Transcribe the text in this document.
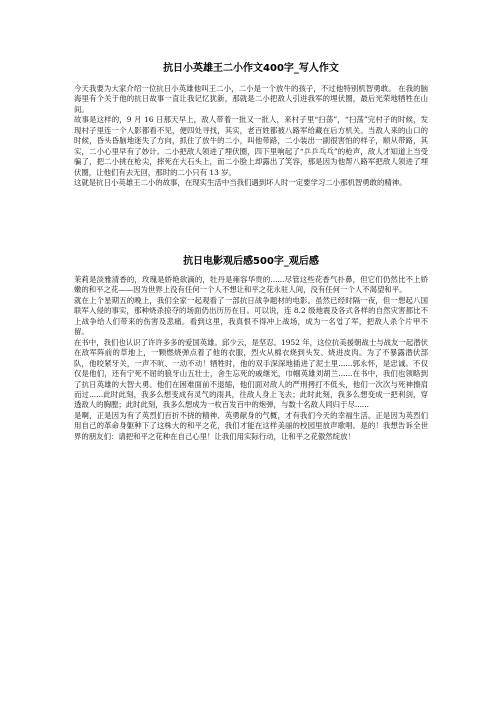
抗日小英雄王二小作文400字_写人作文

今天我要为大家介绍一位抗日小英雄他叫王二小，二小是一个放牛的孩子，不过他特别机智勇敢。 在我的脑海里有个关于他的抗日故事一直让我记忆犹新，那就是二小把敌人引进我军的埋伏圈，最后光荣地牺牲在山间。

故事是这样的，9 月 16 日那天早上，敌人带着一批又一批人，来村子里“扫荡”，“扫荡”完村子的时候，发现村子里连一个人影都看不见，便四处寻找，其实，老百姓都被八路军给藏在后方机关。当敌人来的山口的时候，昏头昏脑地迷失了方向，抓住了放牛的二小，叫他带路，二小装出一副很害怕的样子，顺从带路，其实，二小心里早有了妙计。二小把敌人领进了埋伏圈，四下里响起了“乒乒乓乓”的枪声，敌人才知道上当受骗了，把二小挑在枪尖，摔死在大石头上，而二小脸上却露出了笑容，那是因为他帮八路军把敌人领进了埋伏圈，让他们有去无回，那时的二小只有 13 岁。

这就是抗日小英雄王二小的故事，在现实生活中当我们遇到坏人时一定要学习二小那机智勇敢的精神。

抗日电影观后感500字_观后感

茉莉是淡雅清香的，玫瑰是娇艳欲滴的，牡丹是雍容华贵的......尽管这些花香气扑鼻，但它们仍然比不上娇嫩的和平之花——因为世界上没有任何一个人不想让和平之花永驻人间，没有任何一个人不渴望和平。

就在上个星期五的晚上，我们全家一起观看了一部抗日战争题材的电影。虽然已经时隔一夜，但一想起八国联军入侵的事实，那种烧杀掠夺的场面仍出历历在目。可以说，连 8.2 级地震及各式各样的自然灾害都比不上战争给人们带来的伤害及悲痛。看到这里，我真恨不得冲上战场，成为一名엽了军，把敌人杀个片甲不留。

在书中，我们也认识了许许多多的爱国英雄。邱少云，是坚忍。1952 年，这位抗美援朝战士与战友一起潜伏在敌军阵前的草地上，一颗燃烧弹点着了他的衣服，烈火从棉衣烧到头发、烧进皮肉。为了不暴露潜伏部队，他咬紧牙关，一声不吭、一动不动！牺牲时，他的双手深深地插进了泥土里......郭永怀，是忠诚。不仅仅是他们，还有宁死不屈的狼牙山五壮士，舍生忘死的戚继光，巾帼英雄刘胡兰......在书中，我们也领略到了抗日英雄的大智大勇。他们在困难面前不退缩，他们面对敌人的严刑拷打不低头，他们一次次与死神擦肩而过......此时此刻，我多么想变成有灵气的雨具，往敌人身上飞去；此时此刻，我多么想变成一把利剑，穿透敌人的胸膛；此时此刻，我多么想成为一枚百发百中的炮弹，与数十名敌人同归于尽......

是啊，正是因为有了英烈们百折不挠的精神、英勇献身的气概，才有我们今天的幸福生活。正是因为英烈们用自己的革命身躯种下了这株大的和平之花，我们才能在这样美丽的校园里放声歌唱。是的！我想告诉全世界的朋友们：请把和平之花种在自己心里！让我们用实际行动，让和平之花傲然绽放！
